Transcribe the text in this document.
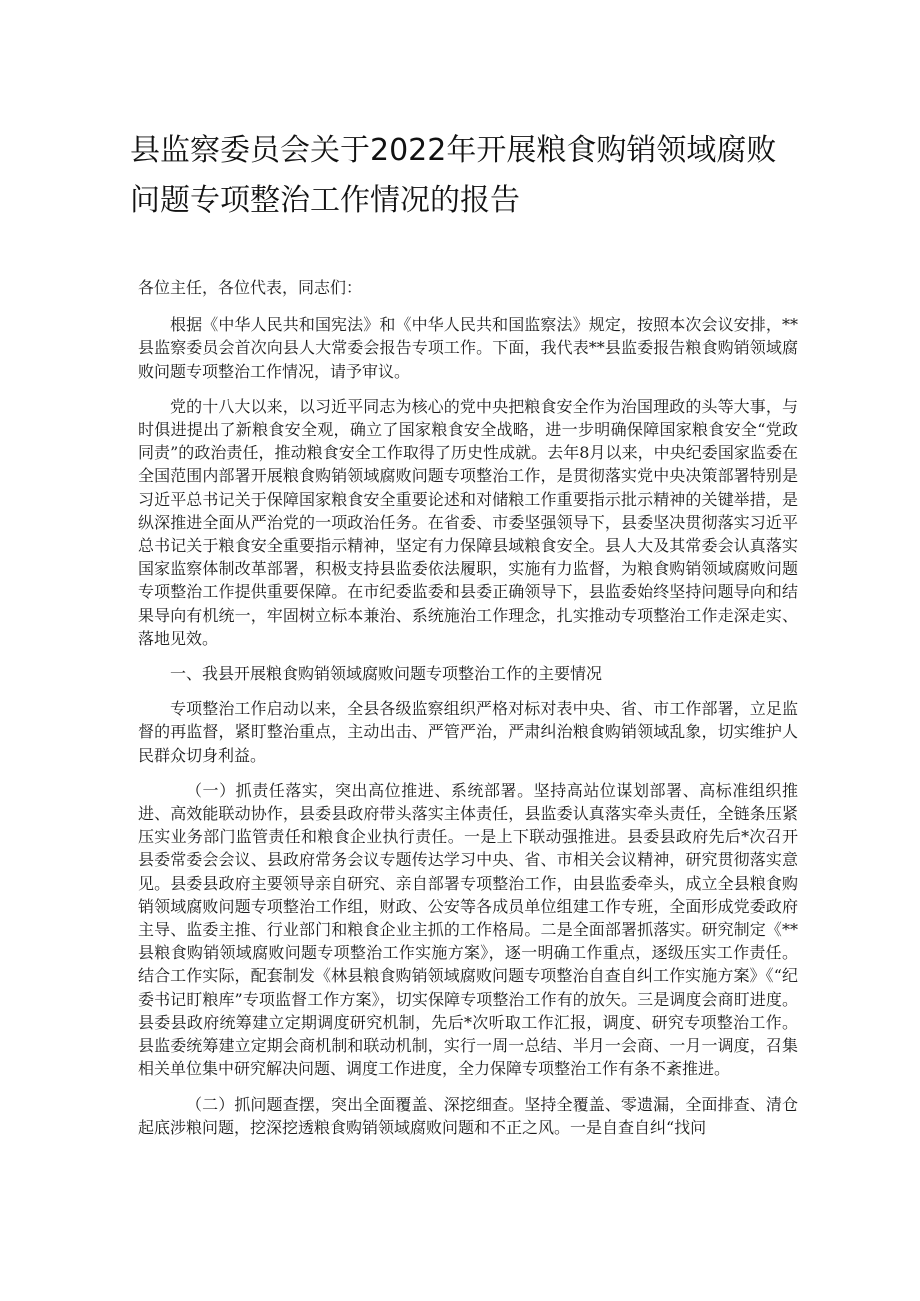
县监察委员会关于2022年开展粮食购销领域腐败问题专项整治工作情况的报告

各位主任，各位代表，同志们：

根据《中华人民共和国宪法》和《中华人民共和国监察法》规定，按照本次会议安排，**县监察委员会首次向县人大常委会报告专项工作。下面，我代表**县监委报告粮食购销领域腐败问题专项整治工作情况，请予审议。

党的十八大以来，以习近平同志为核心的党中央把粮食安全作为治国理政的头等大事，与时俱进提出了新粮食安全观，确立了国家粮食安全战略，进一步明确保障国家粮食安全“党政同责”的政治责任，推动粮食安全工作取得了历史性成就。去年8月以来，中央纪委国家监委在全国范围内部署开展粮食购销领域腐败问题专项整治工作，是贯彻落实党中央决策部署特别是习近平总书记关于保障国家粮食安全重要论述和对储粮工作重要指示批示精神的关键举措，是纵深推进全面从严治党的一项政治任务。在省委、市委坚强领导下，县委坚决贯彻落实习近平总书记关于粮食安全重要指示精神，坚定有力保障县域粮食安全。县人大及其常委会认真落实国家监察体制改革部署，积极支持县监委依法履职，实施有力监督，为粮食购销领域腐败问题专项整治工作提供重要保障。在市纪委监委和县委正确领导下，县监委始终坚持问题导向和结果导向有机统一，牢固树立标本兼治、系统施治工作理念，扎实推动专项整治工作走深走实、落地见效。

一、我县开展粮食购销领域腐败问题专项整治工作的主要情况

专项整治工作启动以来，全县各级监察组织严格对标对表中央、省、市工作部署，立足监督的再监督，紧盯整治重点，主动出击、严管严治，严肃纠治粮食购销领域乱象，切实维护人民群众切身利益。

（一）抓责任落实，突出高位推进、系统部署。坚持高站位谋划部署、高标准组织推进、高效能联动协作，县委县政府带头落实主体责任，县监委认真落实牵头责任，全链条压紧压实业务部门监管责任和粮食企业执行责任。一是上下联动强推进。县委县政府先后*次召开县委常委会会议、县政府常务会议专题传达学习中央、省、市相关会议精神，研究贯彻落实意见。县委县政府主要领导亲自研究、亲自部署专项整治工作，由县监委牵头，成立全县粮食购销领域腐败问题专项整治工作组，财政、公安等各成员单位组建工作专班，全面形成党委政府主导、监委主推、行业部门和粮食企业主抓的工作格局。二是全面部署抓落实。研究制定《**县粮食购销领域腐败问题专项整治工作实施方案》，逐一明确工作重点，逐级压实工作责任。结合工作实际，配套制发《林县粮食购销领域腐败问题专项整治自查自纠工作实施方案》《“纪委书记盯粮库”专项监督工作方案》，切实保障专项整治工作有的放矢。三是调度会商盯进度。县委县政府统筹建立定期调度研究机制，先后*次听取工作汇报，调度、研究专项整治工作。县监委统筹建立定期会商机制和联动机制，实行一周一总结、半月一会商、一月一调度，召集相关单位集中研究解决问题、调度工作进度，全力保障专项整治工作有条不紊推进。

（二）抓问题查摆，突出全面覆盖、深挖细查。坚持全覆盖、零遗漏，全面排查、清仓起底涉粮问题，挖深挖透粮食购销领域腐败问题和不正之风。一是自查自纠“找问
